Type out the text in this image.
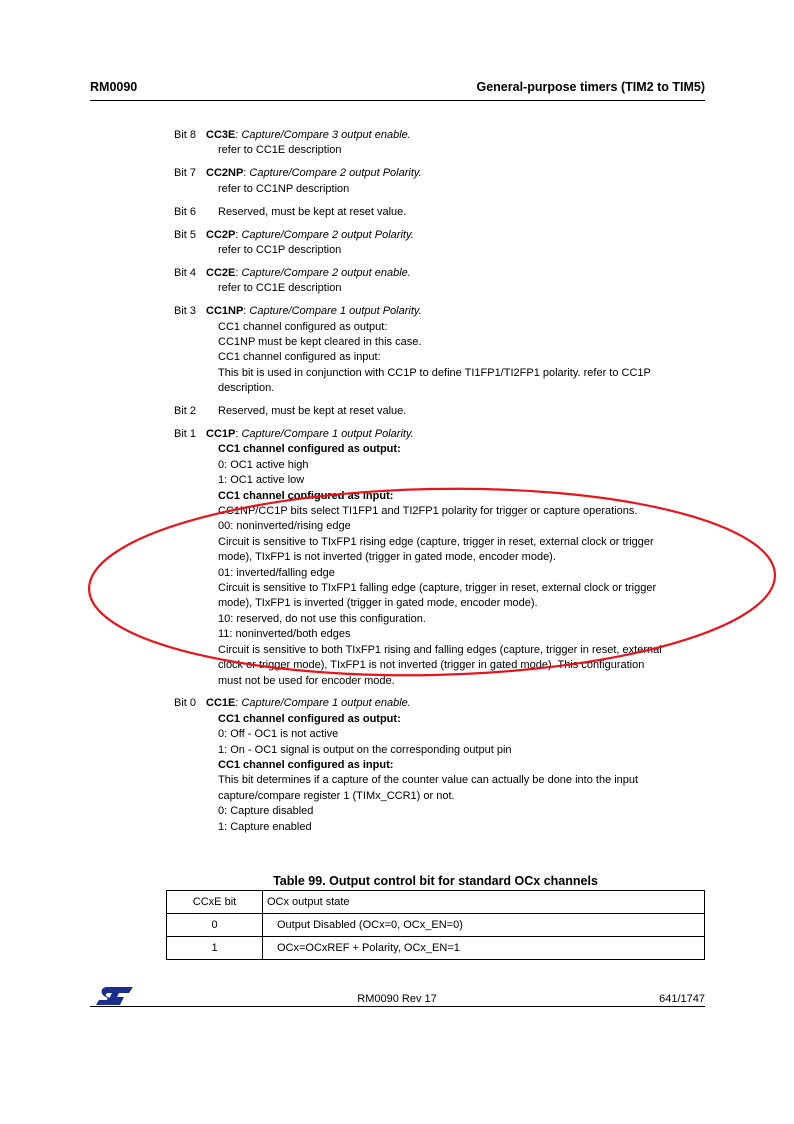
RM0090	General-purpose timers (TIM2 to TIM5)
Bit 8 CC3E: Capture/Compare 3 output enable.
refer to CC1E description
Bit 7 CC2NP: Capture/Compare 2 output Polarity.
refer to CC1NP description
Bit 6	Reserved, must be kept at reset value.
Bit 5 CC2P: Capture/Compare 2 output Polarity.
refer to CC1P description
Bit 4 CC2E: Capture/Compare 2 output enable.
refer to CC1E description
Bit 3 CC1NP: Capture/Compare 1 output Polarity.
CC1 channel configured as output:
CC1NP must be kept cleared in this case.
CC1 channel configured as input:
This bit is used in conjunction with CC1P to define TI1FP1/TI2FP1 polarity. refer to CC1P
description.
Bit 2	Reserved, must be kept at reset value.
Bit 1 CC1P: Capture/Compare 1 output Polarity.
CC1 channel configured as output:
0: OC1 active high
1: OC1 active low
CC1 channel configured as input:
CC1NP/CC1P bits select TI1FP1 and TI2FP1 polarity for trigger or capture operations.
00: noninverted/rising edge
Circuit is sensitive to TIxFP1 rising edge (capture, trigger in reset, external clock or trigger
mode), TIxFP1 is not inverted (trigger in gated mode, encoder mode).
01: inverted/falling edge
Circuit is sensitive to TIxFP1 falling edge (capture, trigger in reset, external clock or trigger
mode), TIxFP1 is inverted (trigger in gated mode, encoder mode).
10: reserved, do not use this configuration.
11: noninverted/both edges
Circuit is sensitive to both TIxFP1 rising and falling edges (capture, trigger in reset, external
clock or trigger mode), TIxFP1 is not inverted (trigger in gated mode). This configuration
must not be used for encoder mode.
Bit 0 CC1E: Capture/Compare 1 output enable.
CC1 channel configured as output:
0: Off - OC1 is not active
1: On - OC1 signal is output on the corresponding output pin
CC1 channel configured as input:
This bit determines if a capture of the counter value can actually be done into the input
capture/compare register 1 (TIMx_CCR1) or not.
0: Capture disabled
1: Capture enabled
Table 99. Output control bit for standard OCx channels
CCxE bit	OCx output state
0	Output Disabled (OCx=0, OCx_EN=0)
1	OCx=OCxREF + Polarity, OCx_EN=1
RM0090 Rev 17	641/1747
